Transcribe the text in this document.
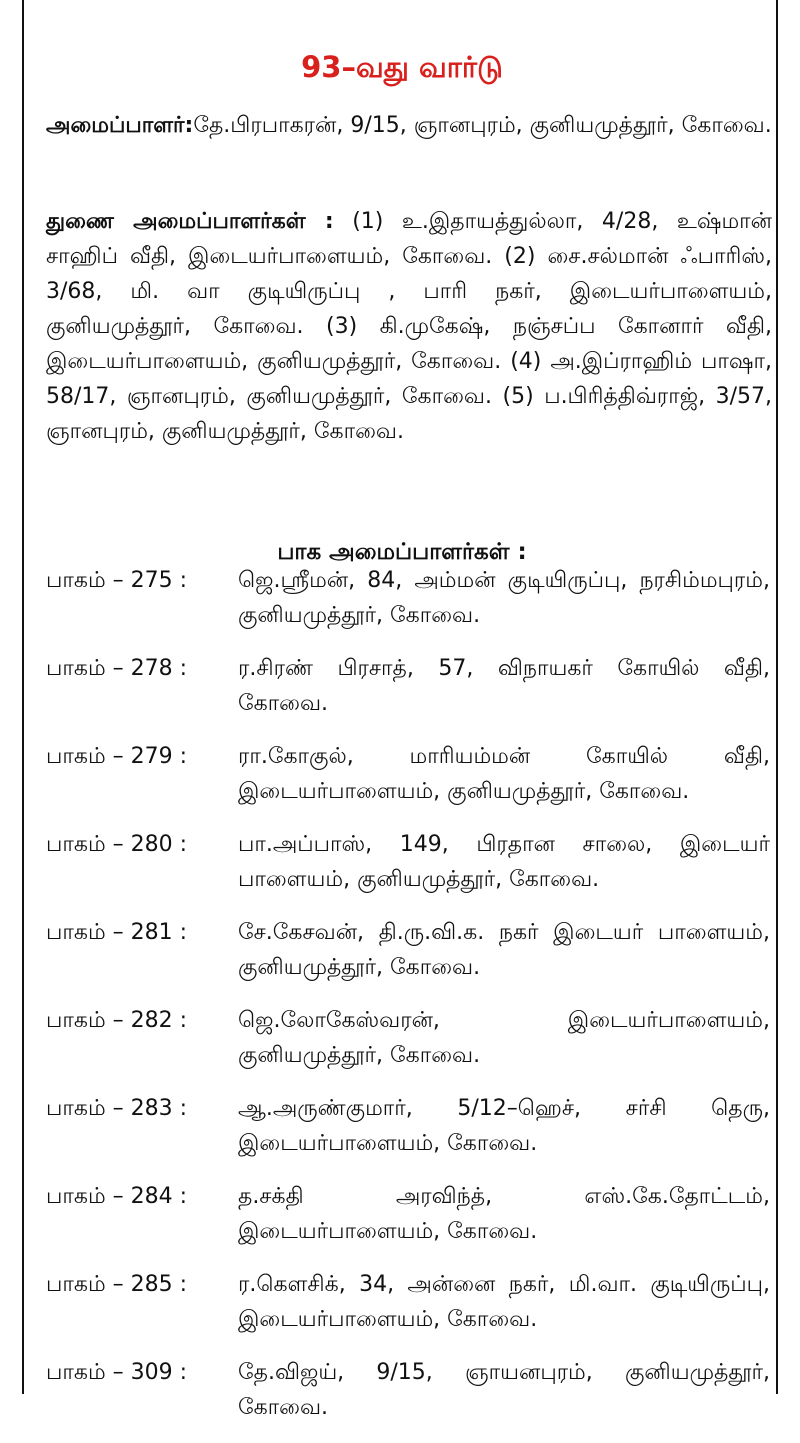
93–வது வார்டு

அமைப்பாளர்:தே.பிரபாகரன், 9/15, ஞானபுரம், குனியமுத்தூர், கோவை.

துணை அமைப்பாளர்கள் : (1) உ.இதாயத்துல்லா, 4/28, உஷ்மான் சாஹிப் வீதி, இடையர்பாளையம், கோவை. (2) சை.சல்மான் ஃபாரிஸ், 3/68, மி. வா குடியிருப்பு , பாரி நகர், இடையர்பாளையம், குனியமுத்தூர், கோவை. (3) கி.முகேஷ், நஞ்சப்ப கோனார் வீதி, இடையர்பாளையம், குனியமுத்தூர், கோவை. (4) அ.இப்ராஹிம் பாஷா, 58/17, ஞானபுரம், குனியமுத்தூர், கோவை. (5) ப.பிரித்திவ்ராஜ், 3/57, ஞானபுரம், குனியமுத்தூர், கோவை.

பாக அமைப்பாளர்கள் :
பாகம் – 275 :	ஜெ.ஸ்ரீமன், 84, அம்மன் குடியிருப்பு, நரசிம்மபுரம், குனியமுத்தூர், கோவை.
பாகம் – 278 :	ர.சிரண் பிரசாத், 57, விநாயகர் கோயில் வீதி, கோவை.
பாகம் – 279 :	ரா.கோகுல், மாரியம்மன் கோயில் வீதி, இடையர்பாளையம், குனியமுத்தூர், கோவை.
பாகம் – 280 :	பா.அப்பாஸ், 149, பிரதான சாலை, இடையர் பாளையம், குனியமுத்தூர், கோவை.
பாகம் – 281 :	சே.கேசவன், தி.ரு.வி.க. நகர் இடையர் பாளையம், குனியமுத்தூர், கோவை.
பாகம் – 282 :	ஜெ.லோகேஸ்வரன், இடையர்பாளையம், குனியமுத்தூர், கோவை.
பாகம் – 283 :	ஆ.அருண்குமார், 5/12–ஹெச், சர்சி தெரு, இடையர்பாளையம், கோவை.
பாகம் – 284 :	த.சக்தி அரவிந்த், எஸ்.கே.தோட்டம், இடையர்பாளையம், கோவை.
பாகம் – 285 :	ர.கௌசிக், 34, அன்னை நகர், மி.வா. குடியிருப்பு, இடையர்பாளையம், கோவை.
பாகம் – 309 :	தே.விஜய், 9/15, ஞாயனபுரம், குனியமுத்தூர், கோவை.
